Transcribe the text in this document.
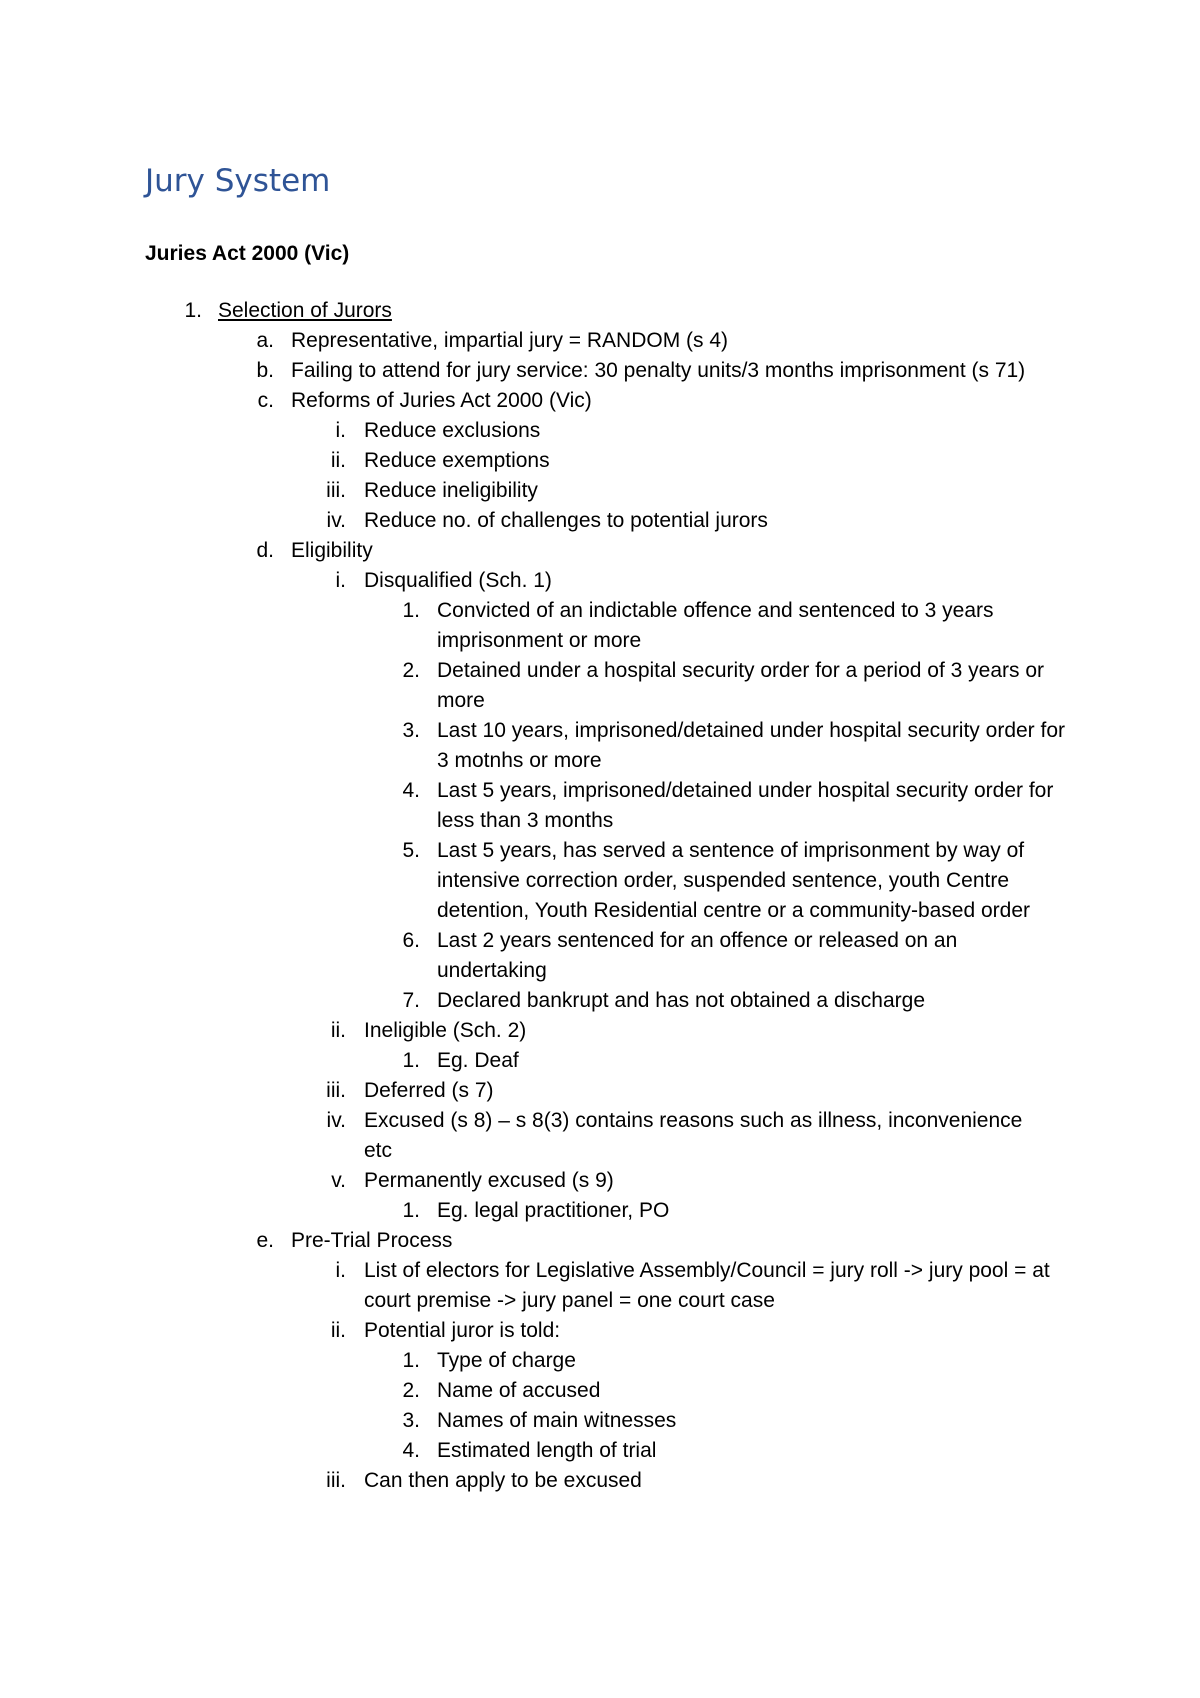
Jury System
Juries Act 2000 (Vic)
1. Selection of Jurors
a. Representative, impartial jury = RANDOM (s 4)
b. Failing to attend for jury service: 30 penalty units/3 months imprisonment (s 71)
c. Reforms of Juries Act 2000 (Vic)
i. Reduce exclusions
ii. Reduce exemptions
iii. Reduce ineligibility
iv. Reduce no. of challenges to potential jurors
d. Eligibility
i. Disqualified (Sch. 1)
1. Convicted of an indictable offence and sentenced to 3 years imprisonment or more
2. Detained under a hospital security order for a period of 3 years or more
3. Last 10 years, imprisoned/detained under hospital security order for 3 motnhs or more
4. Last 5 years, imprisoned/detained under hospital security order for less than 3 months
5. Last 5 years, has served a sentence of imprisonment by way of intensive correction order, suspended sentence, youth Centre detention, Youth Residential centre or a community-based order
6. Last 2 years sentenced for an offence or released on an undertaking
7. Declared bankrupt and has not obtained a discharge
ii. Ineligible (Sch. 2)
1. Eg. Deaf
iii. Deferred (s 7)
iv. Excused (s 8) – s 8(3) contains reasons such as illness, inconvenience etc
v. Permanently excused (s 9)
1. Eg. legal practitioner, PO
e. Pre-Trial Process
i. List of electors for Legislative Assembly/Council = jury roll -> jury pool = at court premise -> jury panel = one court case
ii. Potential juror is told:
1. Type of charge
2. Name of accused
3. Names of main witnesses
4. Estimated length of trial
iii. Can then apply to be excused
